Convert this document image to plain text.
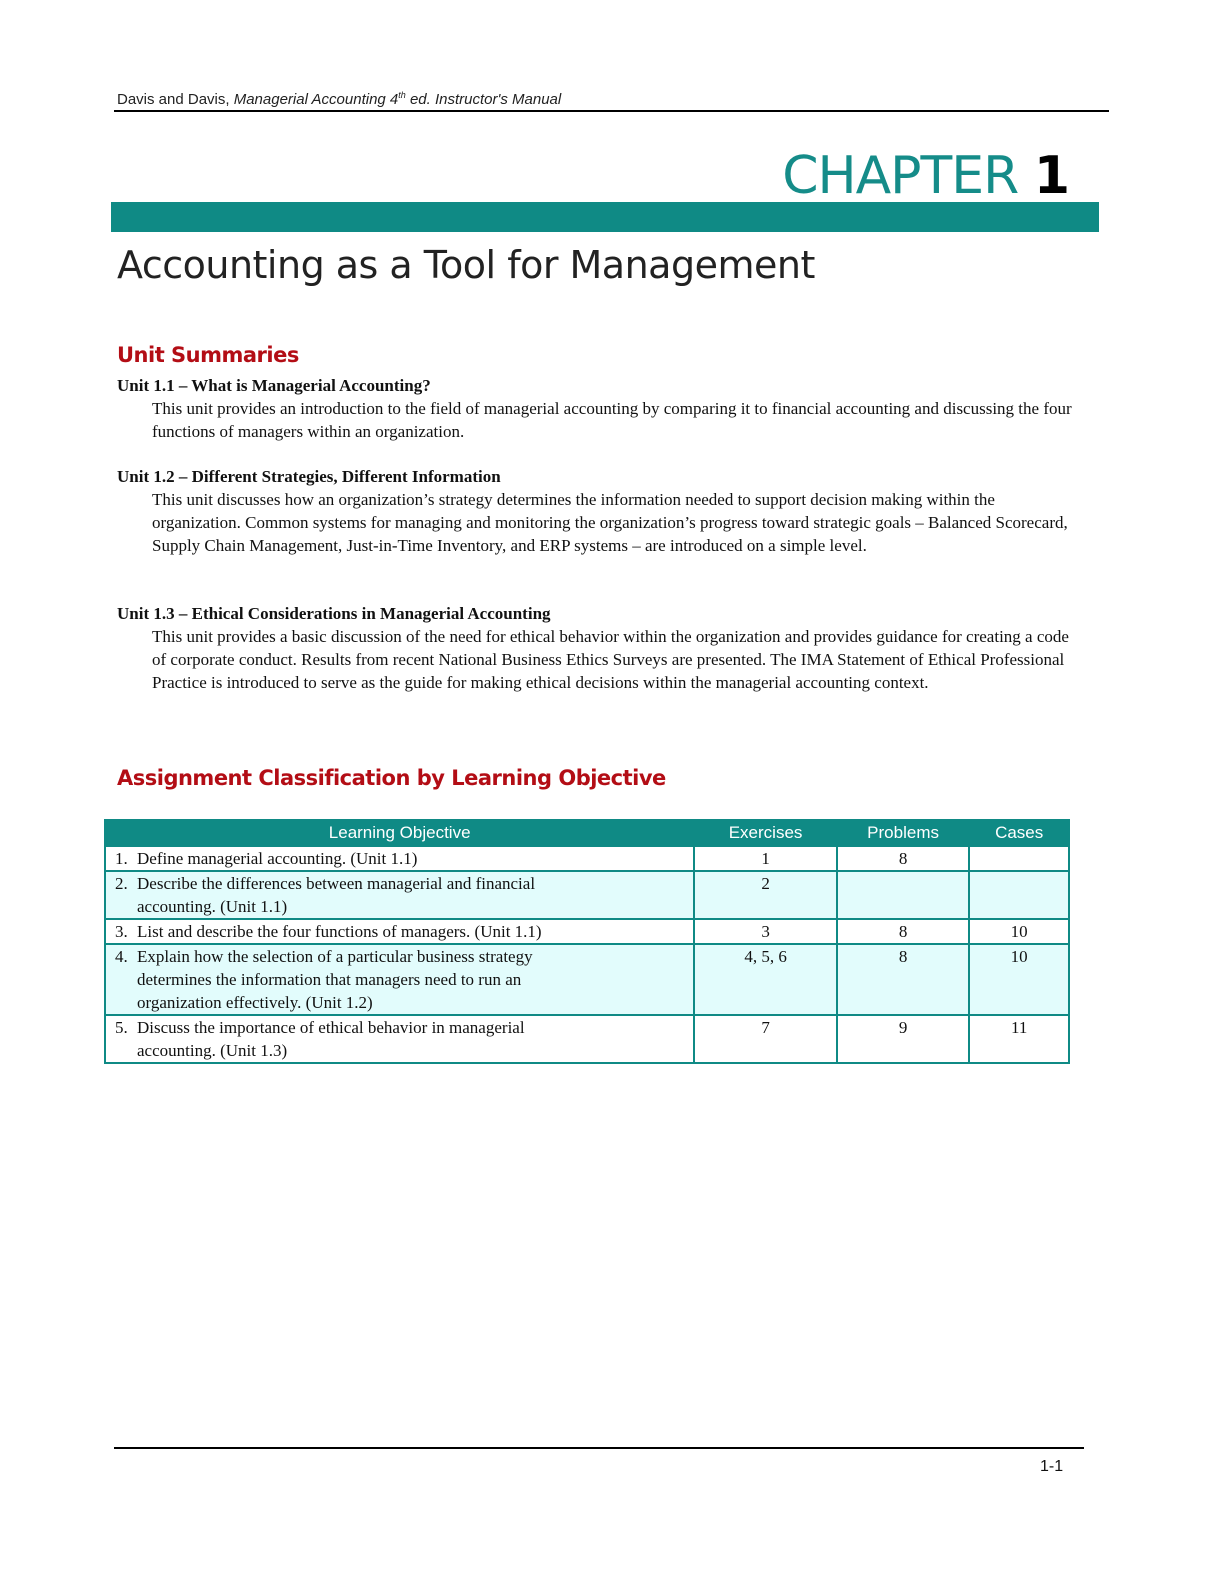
Davis and Davis, Managerial Accounting 4th ed. Instructor's Manual
CHAPTER 1
Accounting as a Tool for Management
Unit Summaries
Unit 1.1 – What is Managerial Accounting?
This unit provides an introduction to the field of managerial accounting by comparing it to financial accounting and discussing the four functions of managers within an organization.
Unit 1.2 – Different Strategies, Different Information
This unit discusses how an organization’s strategy determines the information needed to support decision making within the organization. Common systems for managing and monitoring the organization’s progress toward strategic goals – Balanced Scorecard, Supply Chain Management, Just-in-Time Inventory, and ERP systems – are introduced on a simple level.
Unit 1.3 – Ethical Considerations in Managerial Accounting
This unit provides a basic discussion of the need for ethical behavior within the organization and provides guidance for creating a code of corporate conduct. Results from recent National Business Ethics Surveys are presented. The IMA Statement of Ethical Professional Practice is introduced to serve as the guide for making ethical decisions within the managerial accounting context.
Assignment Classification by Learning Objective
Learning Objective	Exercises	Problems	Cases

1. Define managerial accounting. (Unit 1.1)	1	8	

2. Describe the differences between managerial and financial accounting. (Unit 1.1)	2		

3. List and describe the four functions of managers. (Unit 1.1)	3	8	10

4. Explain how the selection of a particular business strategy determines the information that managers need to run an organization effectively. (Unit 1.2)	4, 5, 6	8	10

5. Discuss the importance of ethical behavior in managerial accounting. (Unit 1.3)	7	9	11
1-1
